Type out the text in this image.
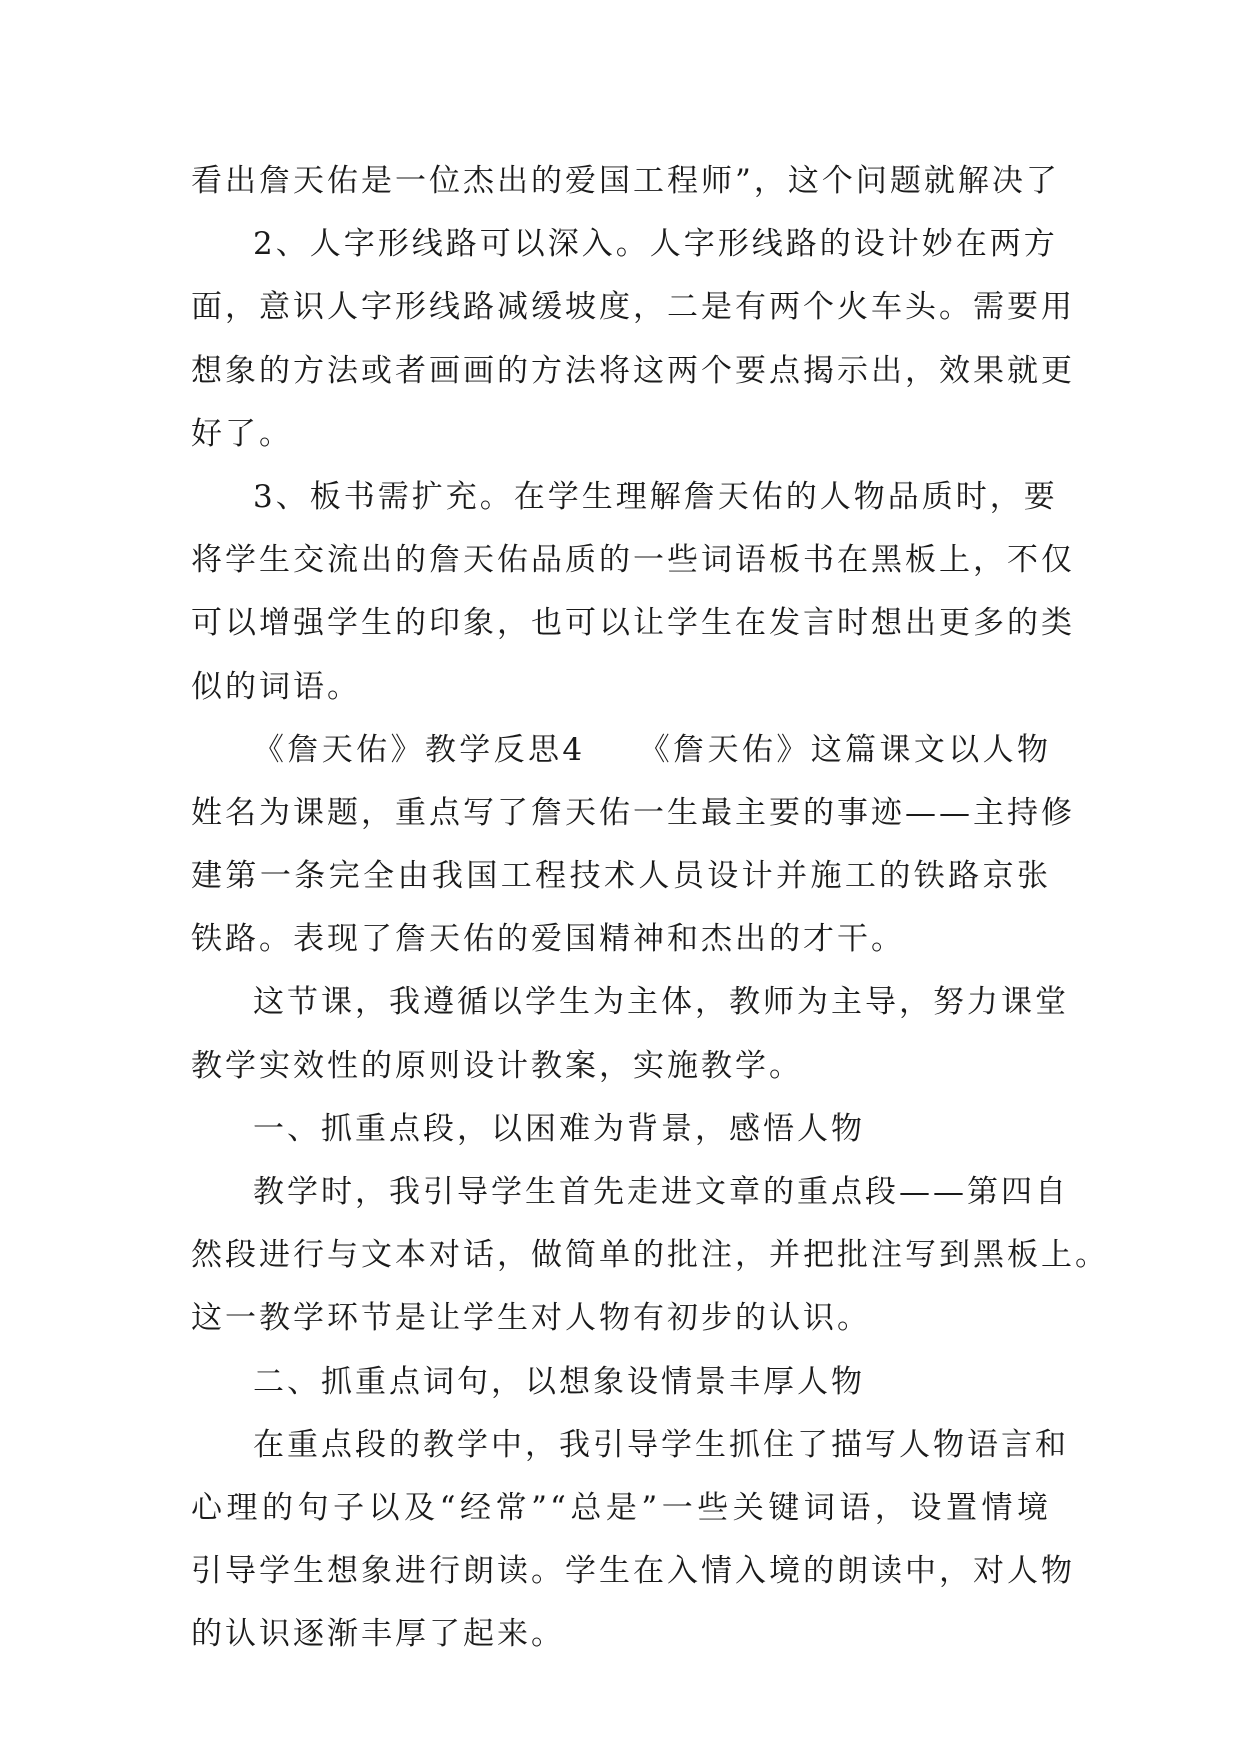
看出詹天佑是一位杰出的爱国工程师”，这个问题就解决了
2、人字形线路可以深入。人字形线路的设计妙在两方
面，意识人字形线路减缓坡度，二是有两个火车头。需要用
想象的方法或者画画的方法将这两个要点揭示出，效果就更
好了。
3、板书需扩充。在学生理解詹天佑的人物品质时，要
将学生交流出的詹天佑品质的一些词语板书在黑板上，不仅
可以增强学生的印象，也可以让学生在发言时想出更多的类
似的词语。
《詹天佑》教学反思4　　《詹天佑》这篇课文以人物
姓名为课题，重点写了詹天佑一生最主要的事迹——主持修
建第一条完全由我国工程技术人员设计并施工的铁路京张
铁路。表现了詹天佑的爱国精神和杰出的才干。
这节课，我遵循以学生为主体，教师为主导，努力课堂
教学实效性的原则设计教案，实施教学。
一、抓重点段，以困难为背景，感悟人物
教学时，我引导学生首先走进文章的重点段——第四自
然段进行与文本对话，做简单的批注，并把批注写到黑板上。
这一教学环节是让学生对人物有初步的认识。
二、抓重点词句，以想象设情景丰厚人物
在重点段的教学中，我引导学生抓住了描写人物语言和
心理的句子以及“经常”“总是”一些关键词语，设置情境
引导学生想象进行朗读。学生在入情入境的朗读中，对人物
的认识逐渐丰厚了起来。
